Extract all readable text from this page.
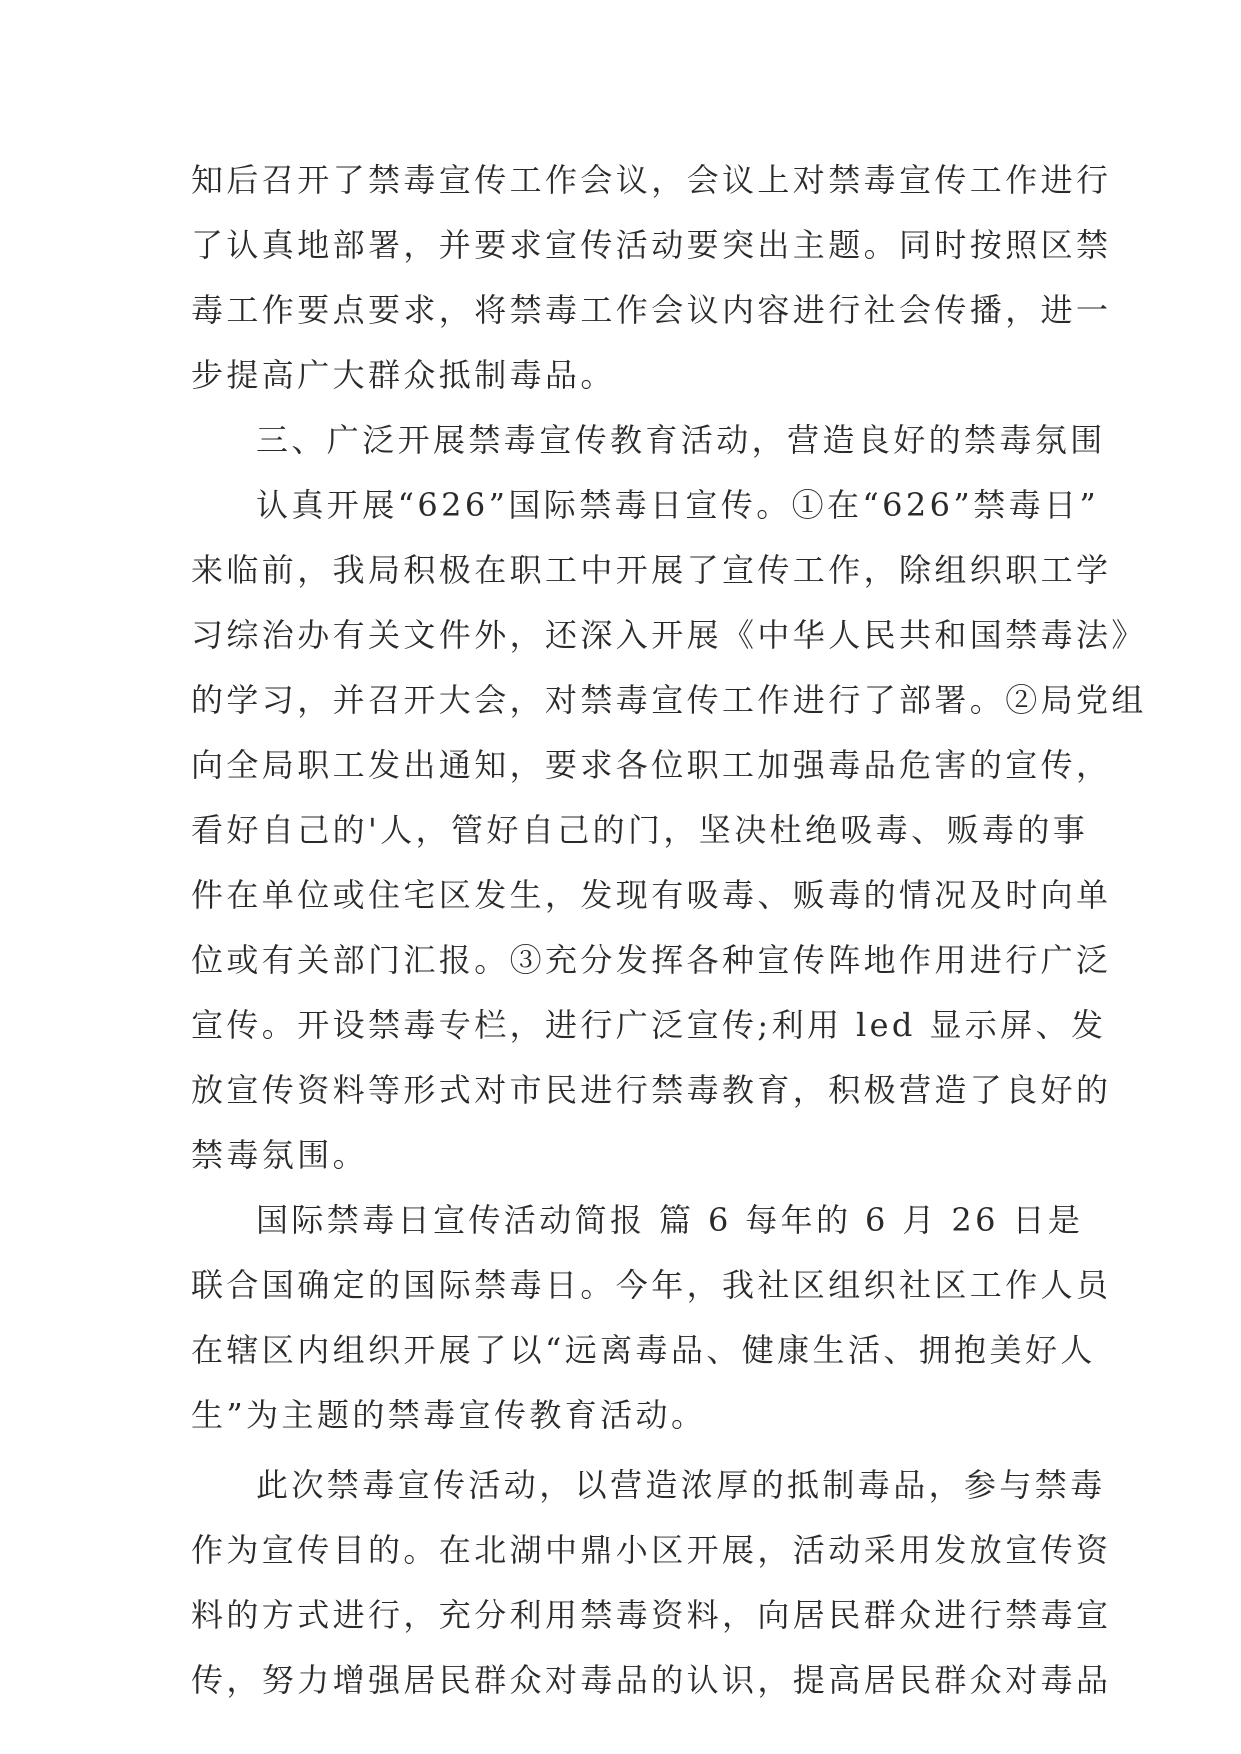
知后召开了禁毒宣传工作会议，会议上对禁毒宣传工作进行
了认真地部署，并要求宣传活动要突出主题。同时按照区禁
毒工作要点要求，将禁毒工作会议内容进行社会传播，进一
步提高广大群众抵制毒品。
三、广泛开展禁毒宣传教育活动，营造良好的禁毒氛围
认真开展“626”国际禁毒日宣传。①在“626”禁毒日”
来临前，我局积极在职工中开展了宣传工作，除组织职工学
习综治办有关文件外，还深入开展《中华人民共和国禁毒法》
的学习，并召开大会，对禁毒宣传工作进行了部署。②局党组
向全局职工发出通知，要求各位职工加强毒品危害的宣传，
看好自己的'人，管好自己的门，坚决杜绝吸毒、贩毒的事
件在单位或住宅区发生，发现有吸毒、贩毒的情况及时向单
位或有关部门汇报。③充分发挥各种宣传阵地作用进行广泛
宣传。开设禁毒专栏，进行广泛宣传;利用 led 显示屏、发
放宣传资料等形式对市民进行禁毒教育，积极营造了良好的
禁毒氛围。
国际禁毒日宣传活动简报 篇 6 每年的 6 月 26 日是
联合国确定的国际禁毒日。今年，我社区组织社区工作人员
在辖区内组织开展了以“远离毒品、健康生活、拥抱美好人
生”为主题的禁毒宣传教育活动。
此次禁毒宣传活动，以营造浓厚的抵制毒品，参与禁毒
作为宣传目的。在北湖中鼎小区开展，活动采用发放宣传资
料的方式进行，充分利用禁毒资料，向居民群众进行禁毒宣
传，努力增强居民群众对毒品的认识，提高居民群众对毒品
